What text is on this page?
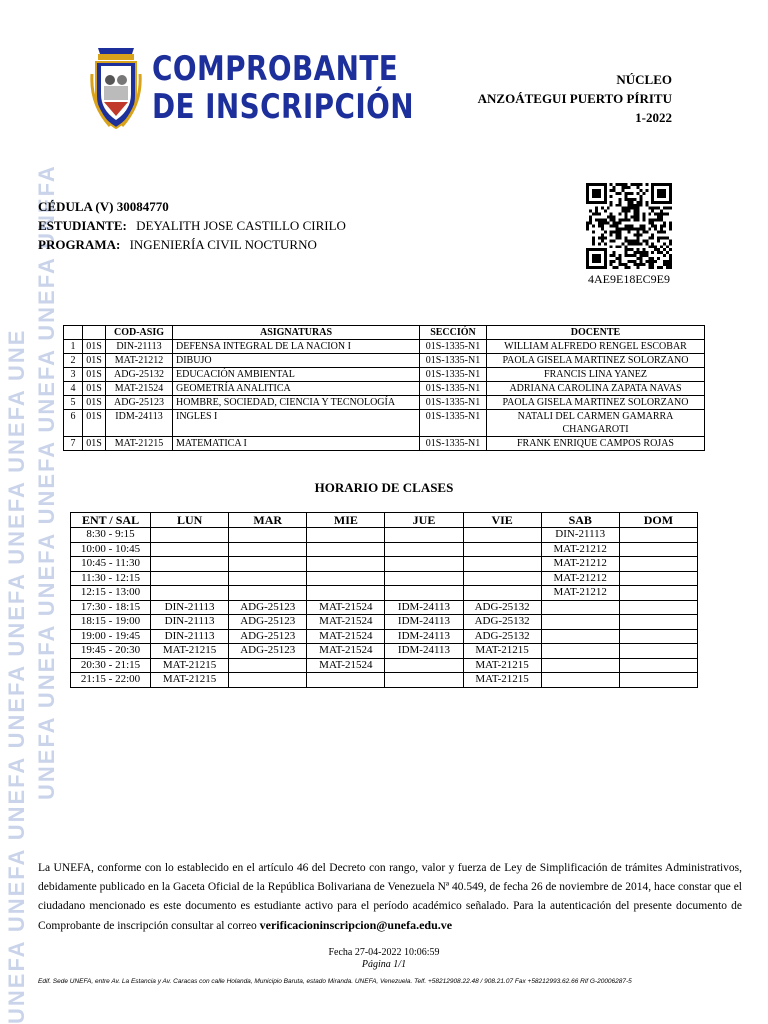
UNEFA UNEFA UNEFA UNEFA UNEFA UNEFA UNEFA UNE UNEFA UNEFA UNEFA UNEFA UNEFA UNEFA UNEFA
COMPROBANTE
DE INSCRIPCIÓN
NÚCLEO
ANZOÁTEGUI PUERTO PÍRITU
1-2022
CÉDULA (V) 30084770
ESTUDIANTE: DEYALITH JOSE CASTILLO CIRILO
PROGRAMA: INGENIERÍA CIVIL NOCTURNO
4AE9E18EC9E9
		COD-ASIG	ASIGNATURAS	SECCIÓN	DOCENTE
1	01S	DIN-21113	DEFENSA INTEGRAL DE LA NACION I	01S-1335-N1	WILLIAM ALFREDO RENGEL ESCOBAR
2	01S	MAT-21212	DIBUJO	01S-1335-N1	PAOLA GISELA MARTINEZ SOLORZANO
3	01S	ADG-25132	EDUCACIÓN AMBIENTAL	01S-1335-N1	FRANCIS LINA YANEZ
4	01S	MAT-21524	GEOMETRÍA ANALITICA	01S-1335-N1	ADRIANA CAROLINA ZAPATA NAVAS
5	01S	ADG-25123	HOMBRE, SOCIEDAD, CIENCIA Y TECNOLOGÍA	01S-1335-N1	PAOLA GISELA MARTINEZ SOLORZANO
6	01S	IDM-24113	INGLES I	01S-1335-N1	NATALI DEL CARMEN GAMARRA CHANGAROTI
7	01S	MAT-21215	MATEMATICA I	01S-1335-N1	FRANK ENRIQUE CAMPOS ROJAS
HORARIO DE CLASES
ENT / SAL	LUN	MAR	MIE	JUE	VIE	SAB	DOM
8:30 - 9:15						DIN-21113	
10:00 - 10:45						MAT-21212	
10:45 - 11:30						MAT-21212	
11:30 - 12:15						MAT-21212	
12:15 - 13:00						MAT-21212	
17:30 - 18:15	DIN-21113	ADG-25123	MAT-21524	IDM-24113	ADG-25132		
18:15 - 19:00	DIN-21113	ADG-25123	MAT-21524	IDM-24113	ADG-25132		
19:00 - 19:45	DIN-21113	ADG-25123	MAT-21524	IDM-24113	ADG-25132		
19:45 - 20:30	MAT-21215	ADG-25123	MAT-21524	IDM-24113	MAT-21215		
20:30 - 21:15	MAT-21215		MAT-21524		MAT-21215		
21:15 - 22:00	MAT-21215				MAT-21215		
La UNEFA, conforme con lo establecido en el artículo 46 del Decreto con rango, valor y fuerza de Ley de Simplificación de trámites Administrativos, debidamente publicado en la Gaceta Oficial de la República Bolivariana de Venezuela Nª 40.549, de fecha 26 de noviembre de 2014, hace constar que el ciudadano mencionado es este documento es estudiante activo para el período académico señalado. Para la autenticación del presente documento de Comprobante de inscripción consultar al correo verificacioninscripcion@unefa.edu.ve
Fecha 27-04-2022 10:06:59
Página 1/1
Edif. Sede UNEFA, entre Av. La Estancia y Av. Caracas con calle Holanda, Municipio Baruta, estado Miranda. UNEFA, Venezuela. Telf. +58212908.22.48 / 908.21.07 Fax +58212993.62.66 Rif G-20006287-5
